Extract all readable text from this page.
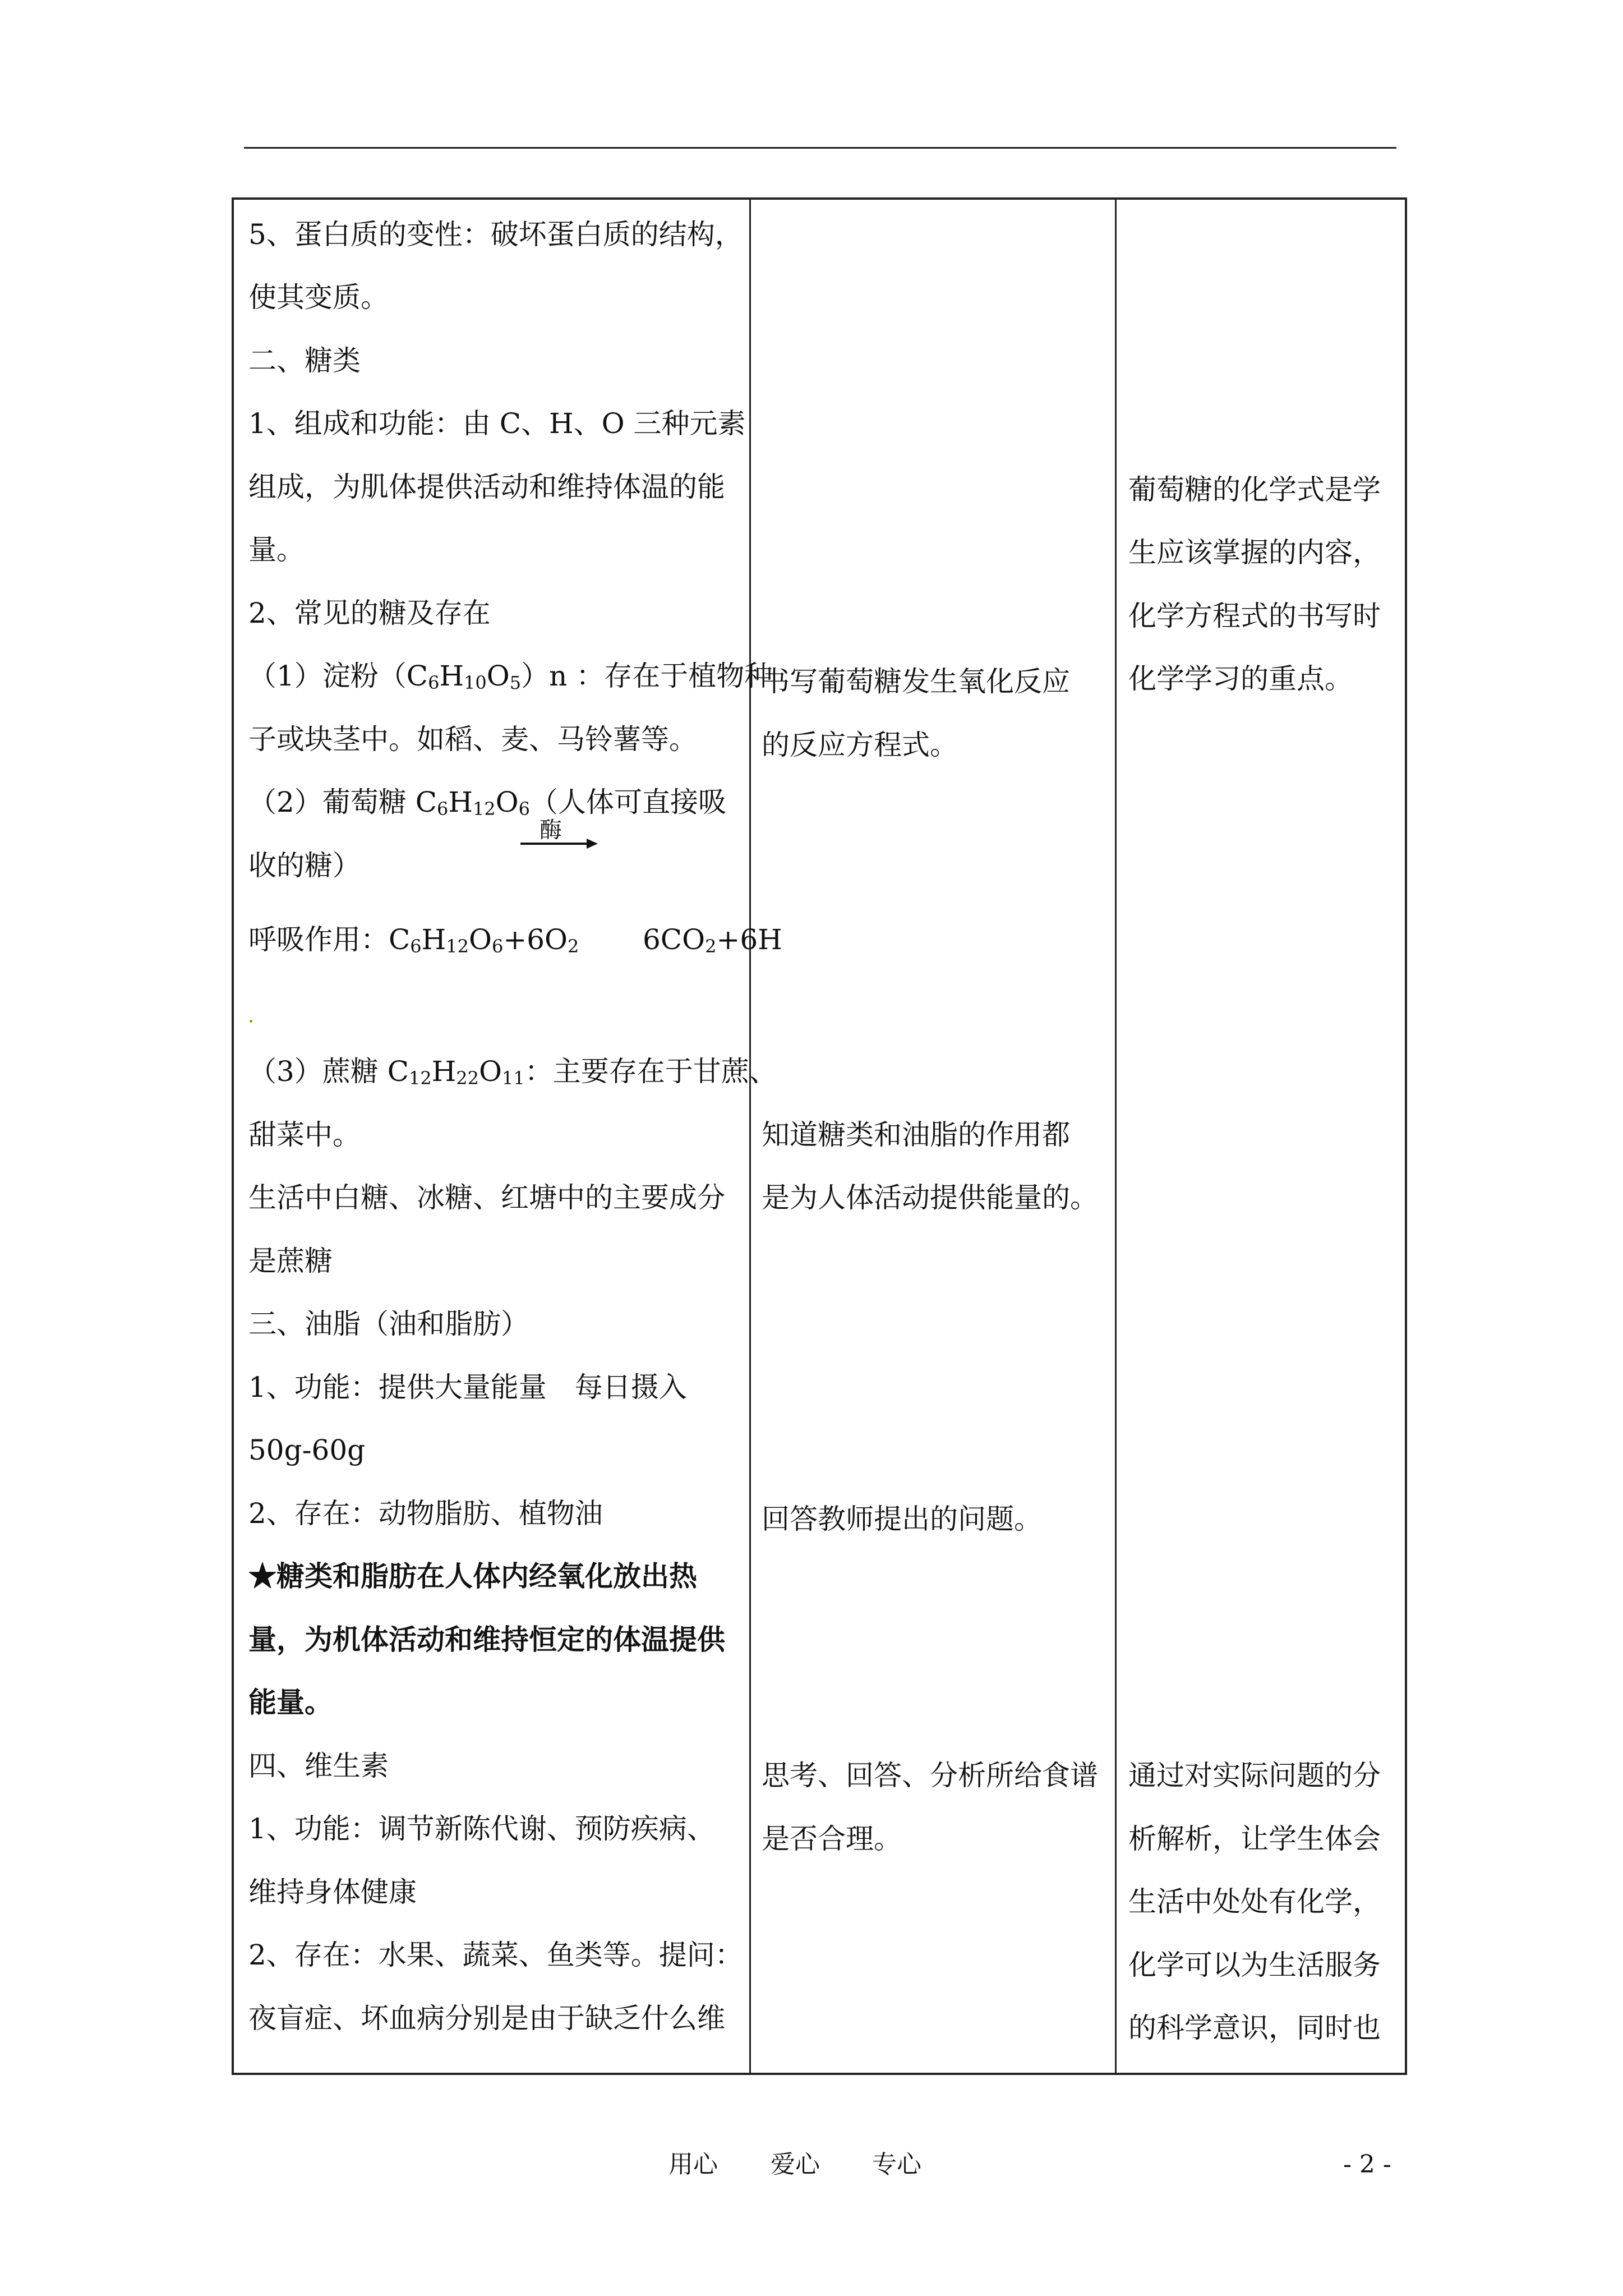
5、蛋白质的变性：破坏蛋白质的结构，
使其变质。
二、糖类
1、组成和功能：由 C、H、O 三种元素
组成，为肌体提供活动和维持体温的能
量。
2、常见的糖及存在
（1）淀粉$(C_6H_{10}O_5)n$ ：存在于植物种
子或块茎中。如稻、麦、马铃薯等。
（2）葡萄糖 $C_6H_{12}O_6$（人体可直接吸
收的糖）
酶
呼吸作用：$C_6H_{12}O_6+6O_2$ $6CO_2+6H$
（3）蔗糖 $C_{12}H_{22}O_{11}$：主要存在于甘蔗、
甜菜中。
生活中白糖、冰糖、红塘中的主要成分
是蔗糖
三、油脂（油和脂肪）
1、功能：提供大量能量　每日摄入
50g-60g
2、存在：动物脂肪、植物油
★糖类和脂肪在人体内经氧化放出热
量，为机体活动和维持恒定的体温提供
能量。
四、维生素
1、功能：调节新陈代谢、预防疾病、
维持身体健康
2、存在：水果、蔬菜、鱼类等。提问：
夜盲症、坏血病分别是由于缺乏什么维
书写葡萄糖发生氧化反应
的反应方程式。
知道糖类和油脂的作用都
是为人体活动提供能量的。
回答教师提出的问题。
思考、回答、分析所给食谱
是否合理。
葡萄糖的化学式是学
生应该掌握的内容，
化学方程式的书写时
化学学习的重点。
通过对实际问题的分
析解析，让学生体会
生活中处处有化学，
化学可以为生活服务
的科学意识，同时也
用心 爱心 专心	- 2 -
